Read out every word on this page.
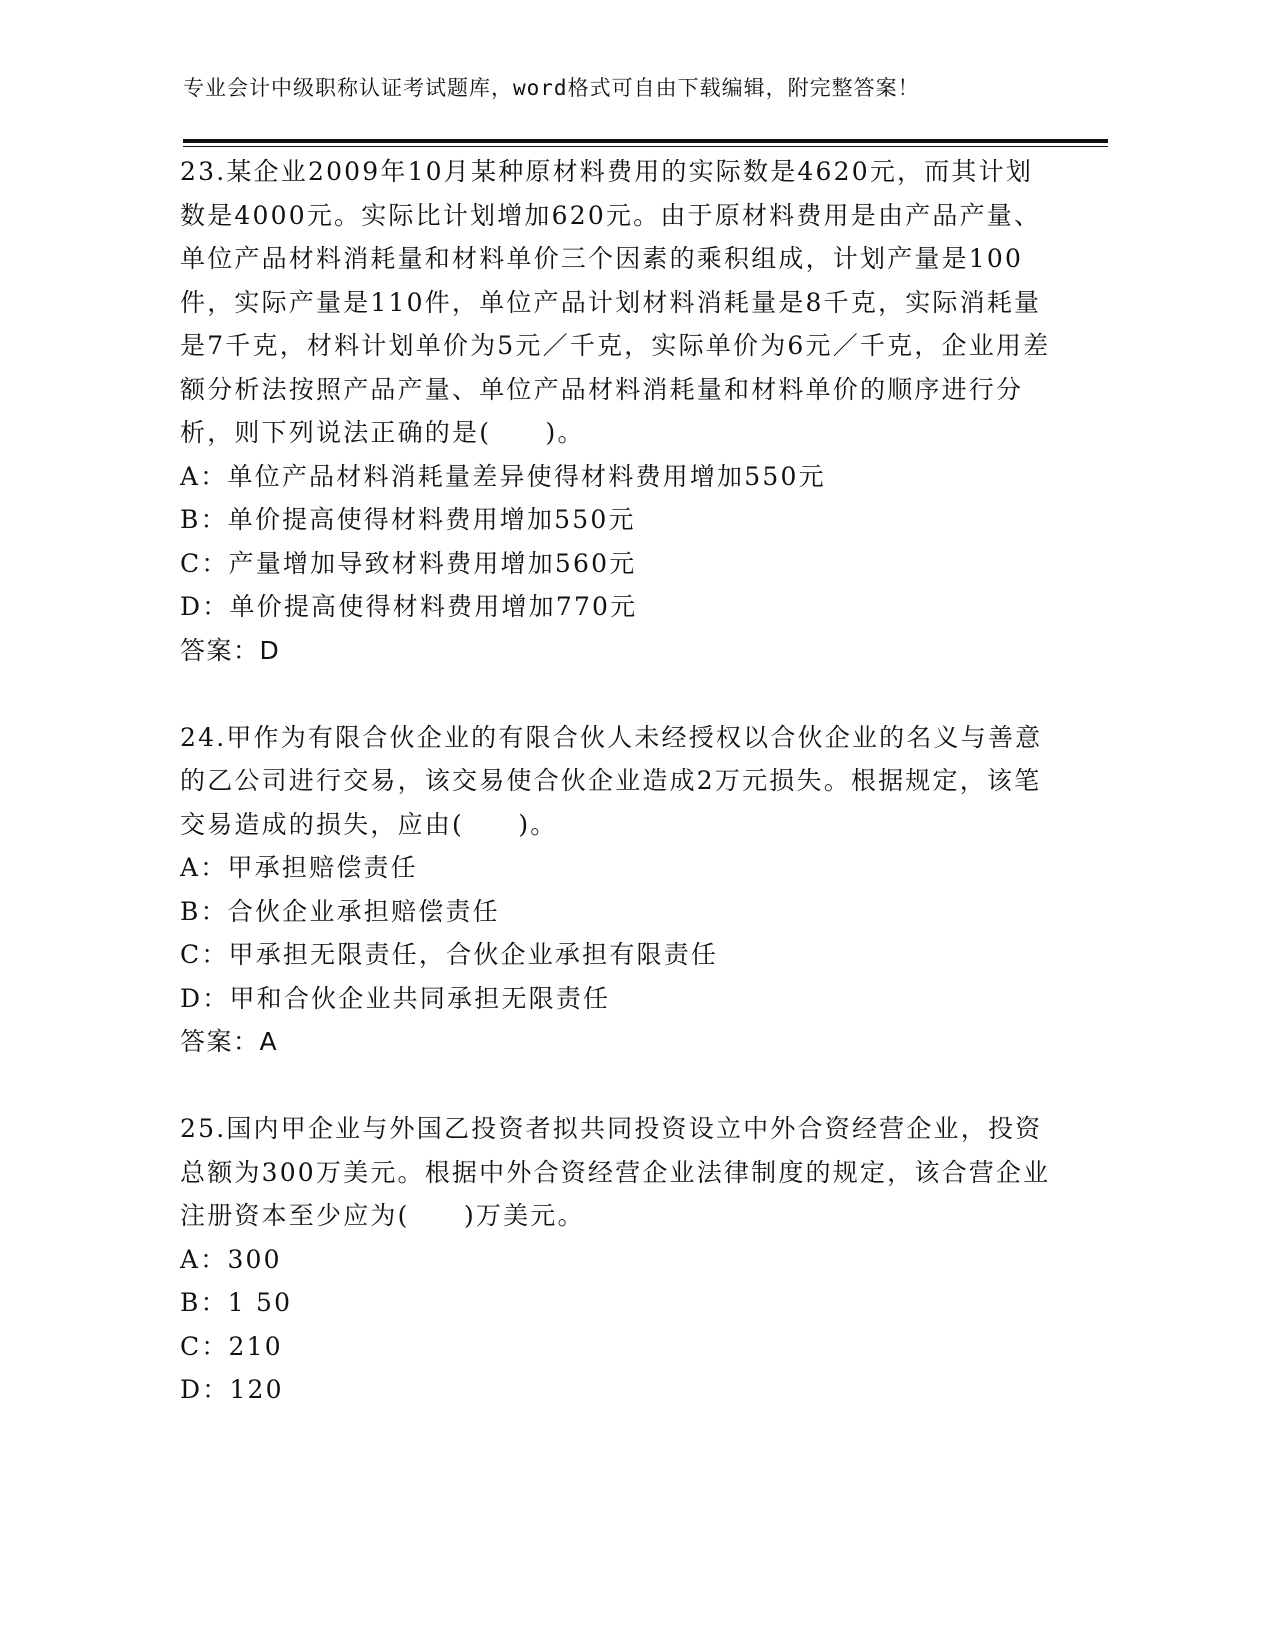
专业会计中级职称认证考试题库，word格式可自由下载编辑，附完整答案！

23.某企业2009年10月某种原材料费用的实际数是4620元，而其计划数是4000元。实际比计划增加620元。由于原材料费用是由产品产量、单位产品材料消耗量和材料单价三个因素的乘积组成，计划产量是100件，实际产量是110件，单位产品计划材料消耗量是8千克，实际消耗量是7千克，材料计划单价为5元／千克，实际单价为6元／千克，企业用差额分析法按照产品产量、单位产品材料消耗量和材料单价的顺序进行分析，则下列说法正确的是(　　)。

A：单位产品材料消耗量差异使得材料费用增加550元

B：单价提高使得材料费用增加550元

C：产量增加导致材料费用增加560元

D：单价提高使得材料费用增加770元

答案：D

24.甲作为有限合伙企业的有限合伙人未经授权以合伙企业的名义与善意的乙公司进行交易，该交易使合伙企业造成2万元损失。根据规定，该笔交易造成的损失，应由(　　)。

A：甲承担赔偿责任

B：合伙企业承担赔偿责任

C：甲承担无限责任，合伙企业承担有限责任

D：甲和合伙企业共同承担无限责任

答案：A

25.国内甲企业与外国乙投资者拟共同投资设立中外合资经营企业，投资总额为300万美元。根据中外合资经营企业法律制度的规定，该合营企业注册资本至少应为(　　)万美元。

A：300

B：1 50

C：210

D：120
